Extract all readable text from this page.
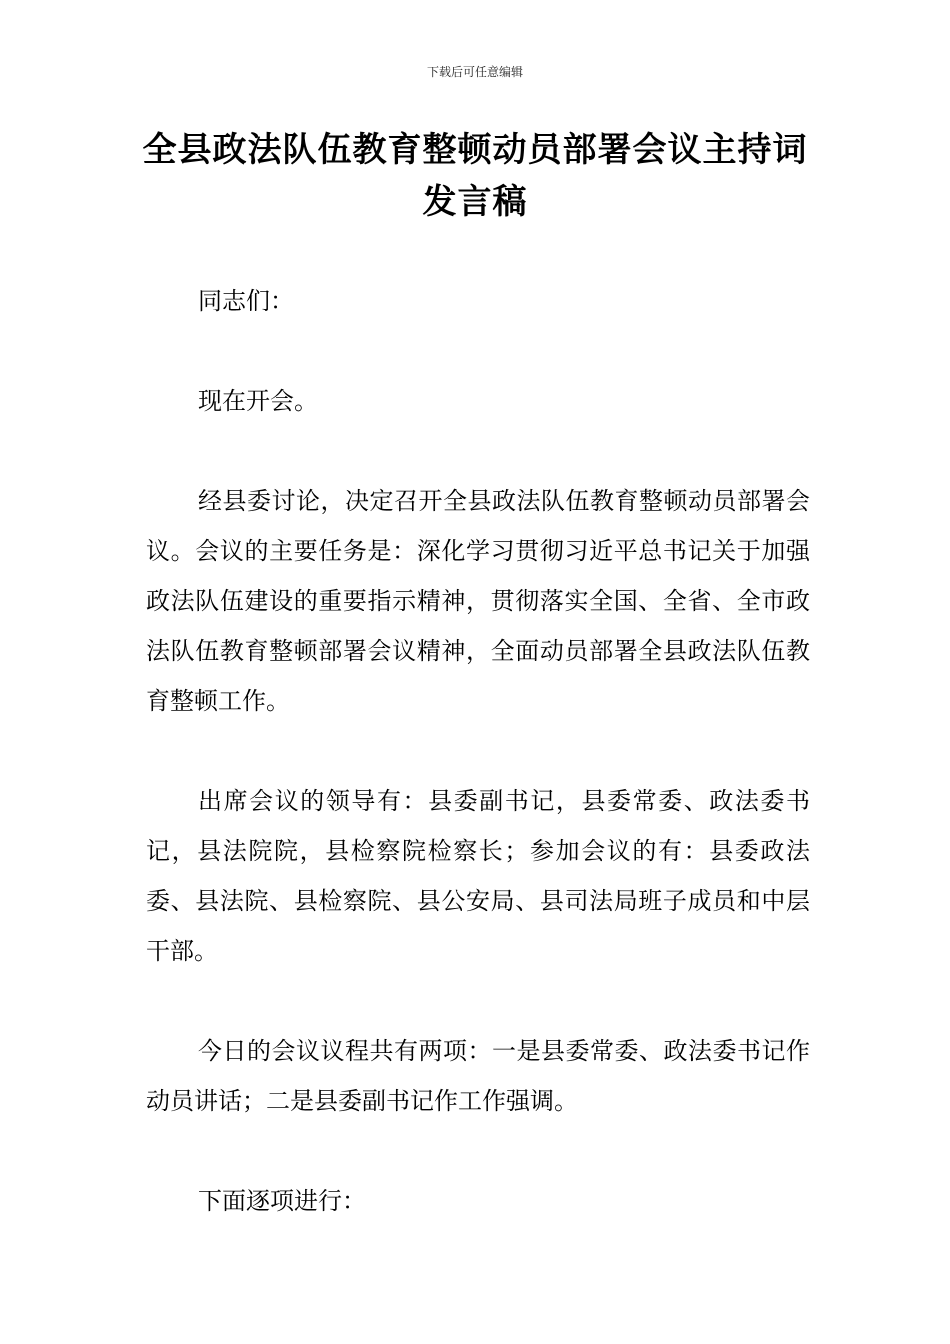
下载后可任意编辑
全县政法队伍教育整顿动员部署会议主持词发言稿

同志们：

现在开会。

经县委讨论，决定召开全县政法队伍教育整顿动员部署会议。会议的主要任务是：深化学习贯彻习近平总书记关于加强政法队伍建设的重要指示精神，贯彻落实全国、全省、全市政法队伍教育整顿部署会议精神，全面动员部署全县政法队伍教育整顿工作。

出席会议的领导有：县委副书记，县委常委、政法委书记，县法院院，县检察院检察长；参加会议的有：县委政法委、县法院、县检察院、县公安局、县司法局班子成员和中层干部。

今日的会议议程共有两项：一是县委常委、政法委书记作动员讲话；二是县委副书记作工作强调。

下面逐项进行：
